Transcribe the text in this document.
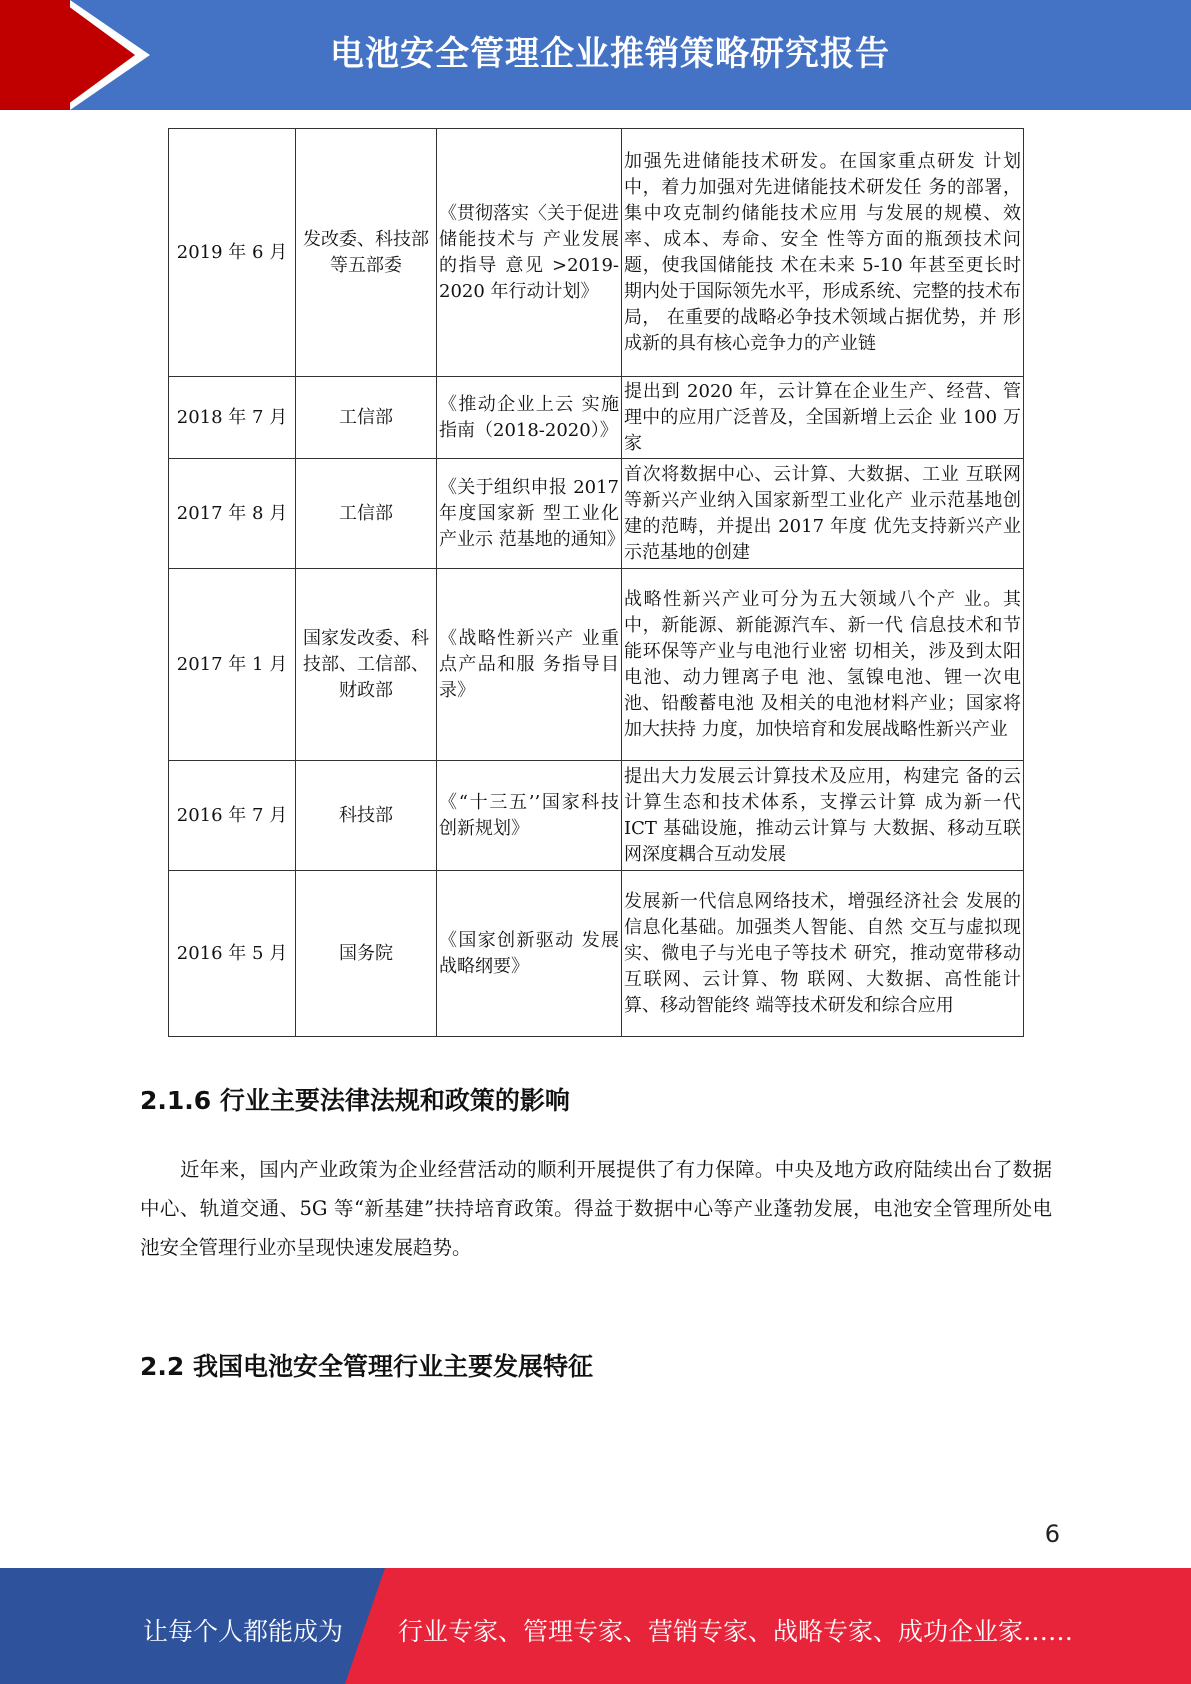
电池安全管理企业推销策略研究报告
2019 年 6 月	发改委、科技部等五部委	《贯彻落实〈关于促进储能技术与 产业发展的指导 意见 >2019-2020 年行动计划》	加强先进储能技术研发。在国家重点研发 计划中，着力加强对先进储能技术研发任 务的部署，集中攻克制约储能技术应用 与发展的规模、效率、成本、寿命、安全 性等方面的瓶颈技术问题，使我国储能技 术在未来 5-10 年甚至更长时期内处于国际领先水平，形成系统、完整的技术布局， 在重要的战略必争技术领域占据优势，并 形成新的具有核心竞争力的产业链
2018 年 7 月	工信部	《推动企业上云 实施指南（2018-2020）》	提出到 2020 年，云计算在企业生产、经营、管理中的应用广泛普及，全国新增上云企 业 100 万家
2017 年 8 月	工信部	《关于组织申报 2017 年度国家新 型工业化产业示 范基地的通知》	首次将数据中心、云计算、大数据、工业 互联网等新兴产业纳入国家新型工业化产 业示范基地创建的范畴，并提出 2017 年度 优先支持新兴产业示范基地的创建
2017 年 1 月	国家发改委、科技部、工信部、财政部	《战略性新兴产 业重点产品和服 务指导目录》	战略性新兴产业可分为五大领域八个产 业。其中，新能源、新能源汽车、新一代 信息技术和节能环保等产业与电池行业密 切相关，涉及到太阳电池、动力锂离子电 池、氢镍电池、锂一次电池、铅酸蓄电池 及相关的电池材料产业；国家将加大扶持 力度，加快培育和发展战略性新兴产业
2016 年 7 月	科技部	《“十三五’’国家科技创新规划》	提出大力发展云计算技术及应用，构建完 备的云计算生态和技术体系，支撑云计算 成为新一代 ICT 基础设施，推动云计算与 大数据、移动互联网深度耦合互动发展
2016 年 5 月	国务院	《国家创新驱动 发展战略纲要》	发展新一代信息网络技术，增强经济社会 发展的信息化基础。加强类人智能、自然 交互与虚拟现实、微电子与光电子等技术 研究，推动宽带移动互联网、云计算、物 联网、大数据、高性能计算、移动智能终 端等技术研发和综合应用
2.1.6 行业主要法律法规和政策的影响
近年来，国内产业政策为企业经营活动的顺利开展提供了有力保障。中央及地方政府陆续出台了数据中心、轨道交通、5G 等“新基建”扶持培育政策。得益于数据中心等产业蓬勃发展，电池安全管理所处电池安全管理行业亦呈现快速发展趋势。
2.2 我国电池安全管理行业主要发展特征
6
让每个人都能成为 行业专家、管理专家、营销专家、战略专家、成功企业家……
